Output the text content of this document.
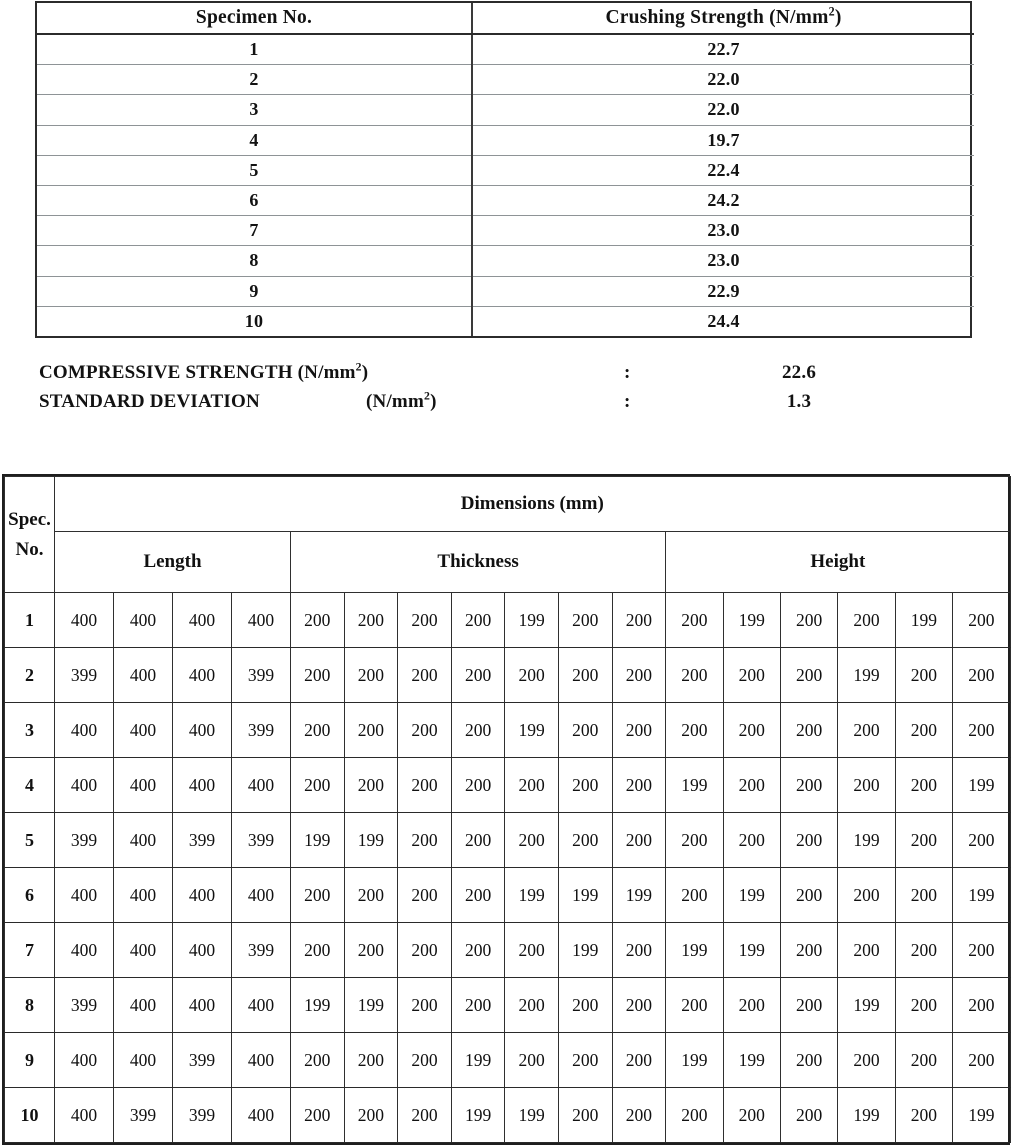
Specimen No.	Crushing Strength $(N/mm^2)$
1	22.7
2	22.0
3	22.0
4	19.7
5	22.4
6	24.2
7	23.0
8	23.0
9	22.9
10	24.4
COMPRESSIVE STRENGTH $(N/mm^2)$	:	22.6
STANDARD DEVIATION	$(N/mm^2)$	:	1.3
Spec.
No.	Dimensions (mm)																
	Length				Thickness							Height					
1	400	400	400	400	200	200	200	200	199	200	200	200	199	200	200	199	200
2	399	400	400	399	200	200	200	200	200	200	200	200	200	200	199	200	200
3	400	400	400	399	200	200	200	200	199	200	200	200	200	200	200	200	200
4	400	400	400	400	200	200	200	200	200	200	200	199	200	200	200	200	199
5	399	400	399	399	199	199	200	200	200	200	200	200	200	200	199	200	200
6	400	400	400	400	200	200	200	200	199	199	199	200	199	200	200	200	199
7	400	400	400	399	200	200	200	200	200	199	200	199	199	200	200	200	200
8	399	400	400	400	199	199	200	200	200	200	200	200	200	200	199	200	200
9	400	400	399	400	200	200	200	199	200	200	200	199	199	200	200	200	200
10	400	399	399	400	200	200	200	199	199	200	200	200	200	200	199	200	199
